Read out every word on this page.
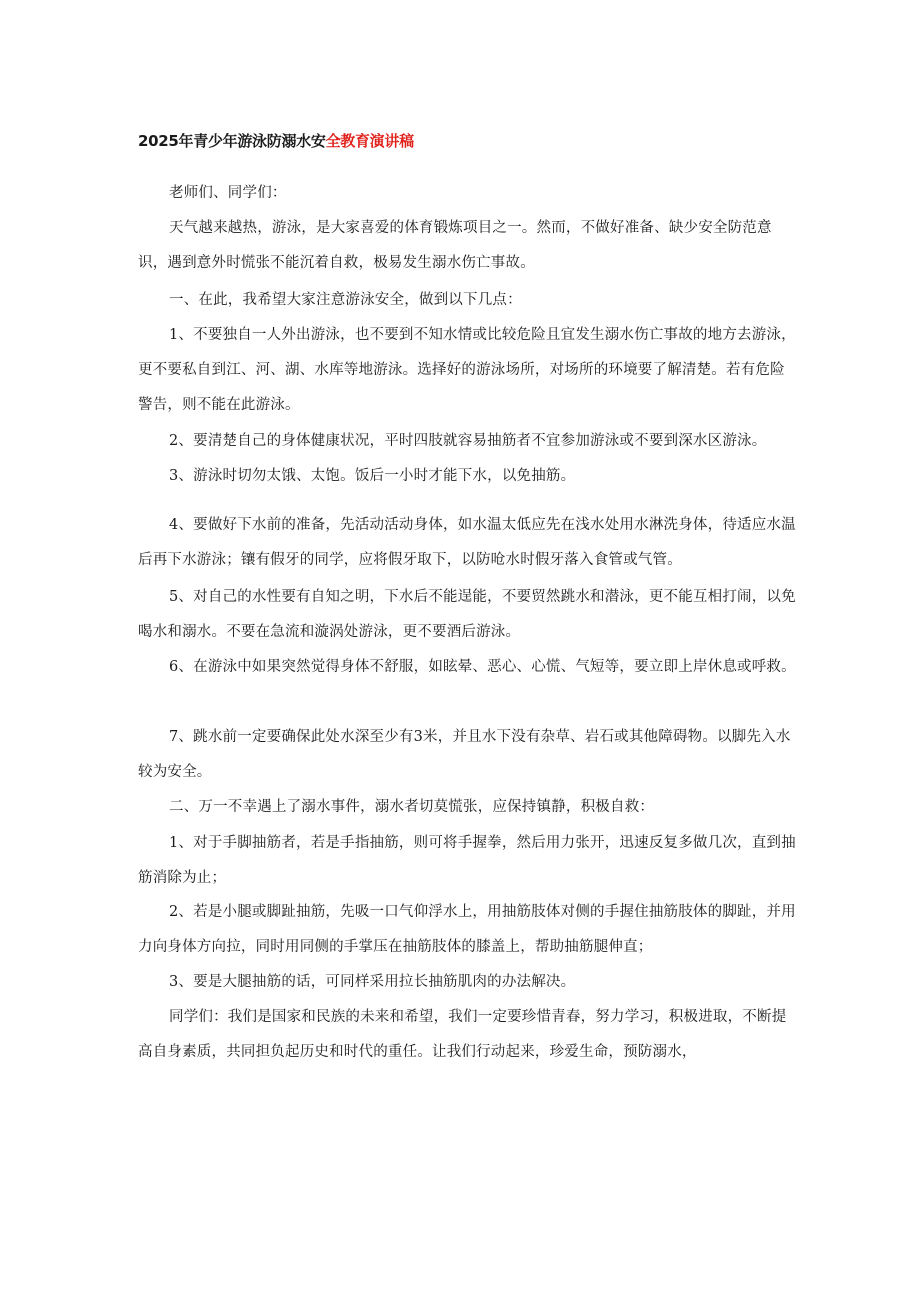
2025年青少年游泳防溺水安全教育演讲稿

老师们、同学们：

天气越来越热，游泳，是大家喜爱的体育锻炼项目之一。然而，不做好准备、缺少安全防范意识，遇到意外时慌张不能沉着自救，极易发生溺水伤亡事故。

一、在此，我希望大家注意游泳安全，做到以下几点：

1、不要独自一人外出游泳，也不要到不知水情或比较危险且宜发生溺水伤亡事故的地方去游泳，更不要私自到江、河、湖、水库等地游泳。选择好的游泳场所，对场所的环境要了解清楚。若有危险警告，则不能在此游泳。

2、要清楚自己的身体健康状况，平时四肢就容易抽筋者不宜参加游泳或不要到深水区游泳。

3、游泳时切勿太饿、太饱。饭后一小时才能下水，以免抽筋。

4、要做好下水前的准备，先活动活动身体，如水温太低应先在浅水处用水淋洗身体，待适应水温后再下水游泳；镶有假牙的同学，应将假牙取下，以防呛水时假牙落入食管或气管。

5、对自己的水性要有自知之明，下水后不能逞能，不要贸然跳水和潜泳，更不能互相打闹，以免喝水和溺水。不要在急流和漩涡处游泳，更不要酒后游泳。

6、在游泳中如果突然觉得身体不舒服，如眩晕、恶心、心慌、气短等，要立即上岸休息或呼救。

7、跳水前一定要确保此处水深至少有3米，并且水下没有杂草、岩石或其他障碍物。以脚先入水较为安全。

二、万一不幸遇上了溺水事件，溺水者切莫慌张，应保持镇静，积极自救：

1、对于手脚抽筋者，若是手指抽筋，则可将手握拳，然后用力张开，迅速反复多做几次，直到抽筋消除为止；

2、若是小腿或脚趾抽筋，先吸一口气仰浮水上，用抽筋肢体对侧的手握住抽筋肢体的脚趾，并用力向身体方向拉，同时用同侧的手掌压在抽筋肢体的膝盖上，帮助抽筋腿伸直；

3、要是大腿抽筋的话，可同样采用拉长抽筋肌肉的办法解决。

同学们：我们是国家和民族的未来和希望，我们一定要珍惜青春，努力学习，积极进取，不断提高自身素质，共同担负起历史和时代的重任。让我们行动起来，珍爱生命，预防溺水，
